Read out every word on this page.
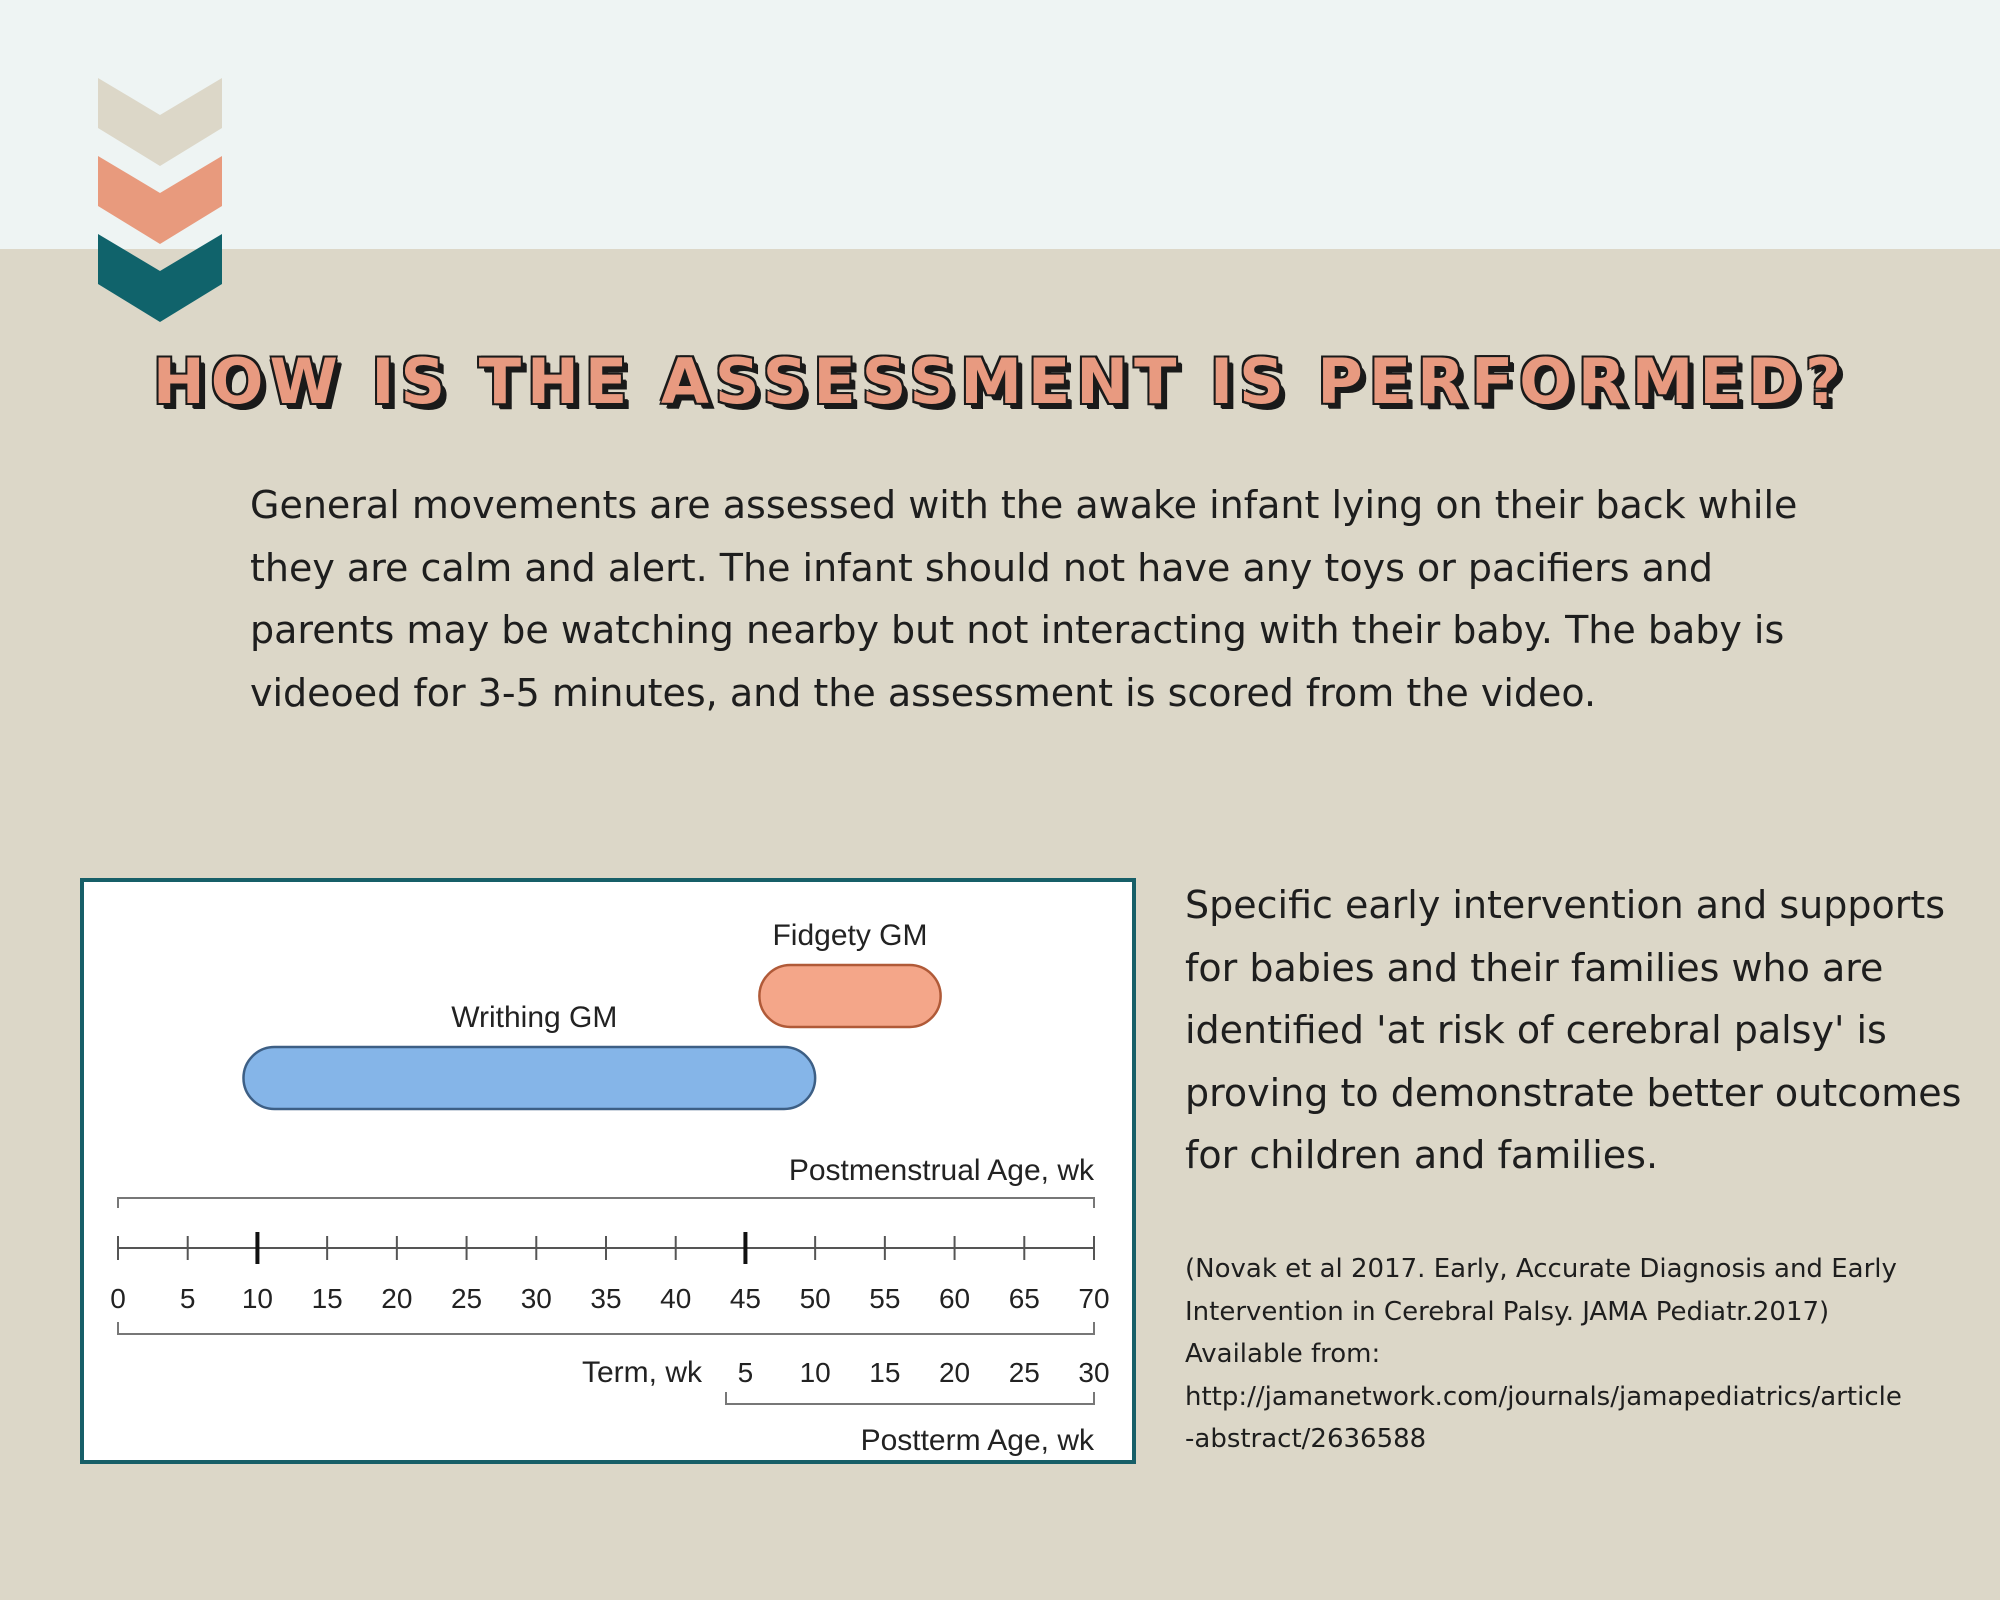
HOW IS THE ASSESSMENT IS PERFORMED?

General movements are assessed with the awake infant lying on their back while they are calm and alert. The infant should not have any toys or pacifiers and parents may be watching nearby but not interacting with their baby. The baby is videoed for 3-5 minutes, and the assessment is scored from the video.

Writhing GM
Fidgety GM
Postmenstrual Age, wk
0 5 10 15 20 25 30 35 40 45 50 55 60 65 70
Term, wk 5 10 15 20 25 30
Postterm Age, wk

Specific early intervention and supports for babies and their families who are identified 'at risk of cerebral palsy' is proving to demonstrate better outcomes for children and families.

(Novak et al 2017. Early, Accurate Diagnosis and Early
Intervention in Cerebral Palsy. JAMA Pediatr.2017)
Available from:
http://jamanetwork.com/journals/jamapediatrics/article
-abstract/2636588
